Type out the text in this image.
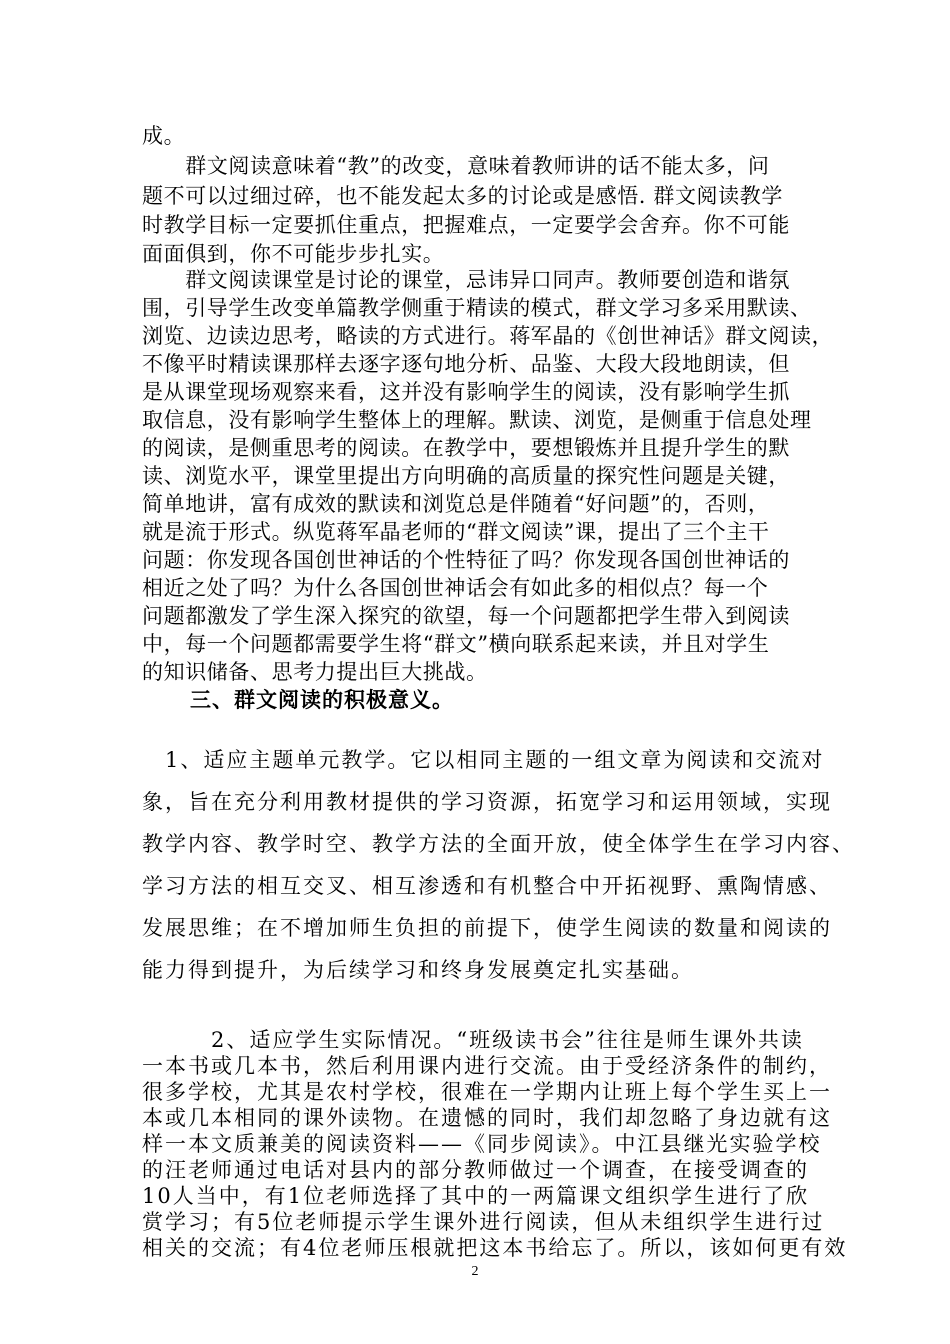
成。
　　群文阅读意味着“教”的改变，意味着教师讲的话不能太多，问
题不可以过细过碎，也不能发起太多的讨论或是感悟. 群文阅读教学
时教学目标一定要抓住重点，把握难点，一定要学会舍弃。你不可能
面面俱到，你不可能步步扎实。
　　群文阅读课堂是讨论的课堂，忌讳异口同声。教师要创造和谐氛
围，引导学生改变单篇教学侧重于精读的模式，群文学习多采用默读、
浏览、边读边思考，略读的方式进行。蒋军晶的《创世神话》群文阅读，
不像平时精读课那样去逐字逐句地分析、品鉴、大段大段地朗读，但
是从课堂现场观察来看，这并没有影响学生的阅读，没有影响学生抓
取信息，没有影响学生整体上的理解。默读、浏览，是侧重于信息处理
的阅读，是侧重思考的阅读。在教学中，要想锻炼并且提升学生的默
读、浏览水平，课堂里提出方向明确的高质量的探究性问题是关键，
简单地讲，富有成效的默读和浏览总是伴随着“好问题”的，否则，
就是流于形式。纵览蒋军晶老师的“群文阅读”课，提出了三个主干
问题：你发现各国创世神话的个性特征了吗？你发现各国创世神话的
相近之处了吗？为什么各国创世神话会有如此多的相似点？每一个
问题都激发了学生深入探究的欲望，每一个问题都把学生带入到阅读
中，每一个问题都需要学生将“群文”横向联系起来读，并且对学生
的知识储备、思考力提出巨大挑战。
三、群文阅读的积极意义。
　1、适应主题单元教学。它以相同主题的一组文章为阅读和交流对
象，旨在充分利用教材提供的学习资源，拓宽学习和运用领域，实现
教学内容、教学时空、教学方法的全面开放，使全体学生在学习内容、
学习方法的相互交叉、相互渗透和有机整合中开拓视野、熏陶情感、
发展思维；在不增加师生负担的前提下，使学生阅读的数量和阅读的
能力得到提升，为后续学习和终身发展奠定扎实基础。
　　　2、适应学生实际情况。“班级读书会”往往是师生课外共读
一本书或几本书，然后利用课内进行交流。由于受经济条件的制约，
很多学校，尤其是农村学校，很难在一学期内让班上每个学生买上一
本或几本相同的课外读物。在遗憾的同时，我们却忽略了身边就有这
样一本文质兼美的阅读资料——《同步阅读》。中江县继光实验学校
的汪老师通过电话对县内的部分教师做过一个调查，在接受调查的
10人当中，有1位老师选择了其中的一两篇课文组织学生进行了欣
赏学习；有5位老师提示学生课外进行阅读，但从未组织学生进行过
相关的交流；有4位老师压根就把这本书给忘了。所以，该如何更有效
2
